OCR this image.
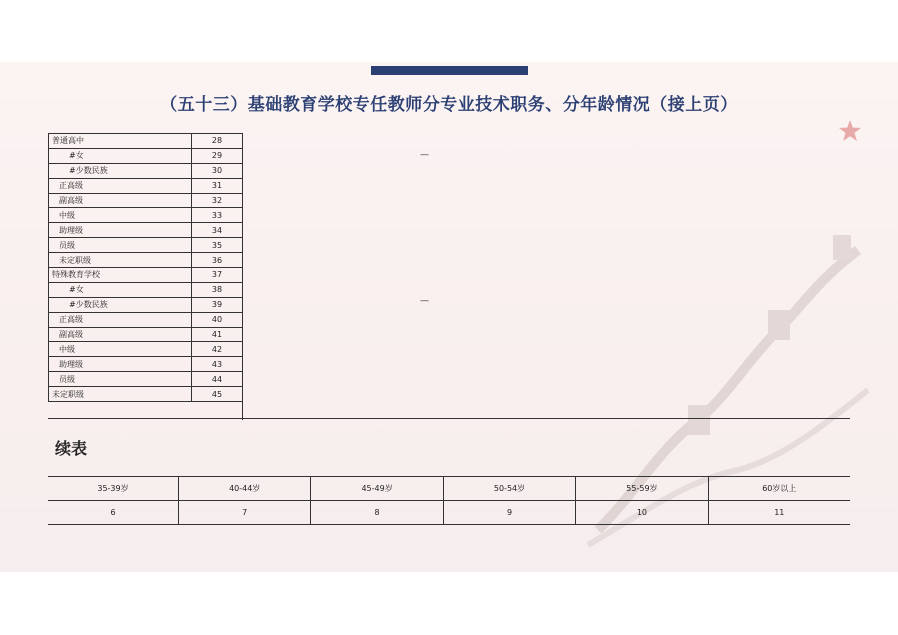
（五十三）基础教育学校专任教师分专业技术职务、分年龄情况（接上页）
普通高中	28
#女	29
#少数民族	30
正高级	31
副高级	32
中级	33
助理级	34
员级	35
未定职级	36
特殊教育学校	37
#女	38
#少数民族	39
正高级	40
副高级	41
中级	42
助理级	43
员级	44
未定职级	45
—
—
续表
35-39岁	40-44岁	45-49岁	50-54岁	55-59岁	60岁以上
6	7	8	9	10	11
